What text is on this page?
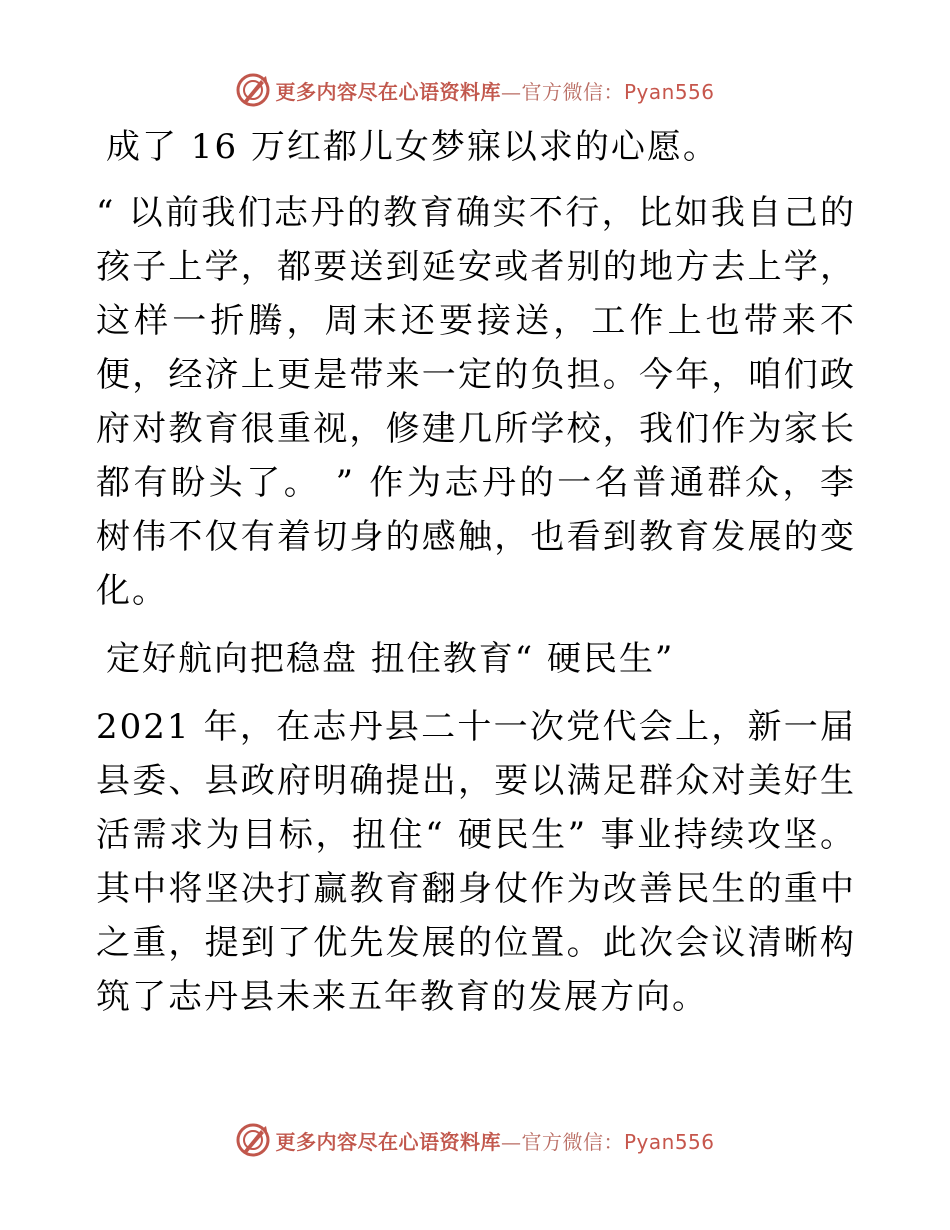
更多内容尽在心语资料库—官方微信：Pyan556

成了 16 万红都儿女梦寐以求的心愿。

“ 以前我们志丹的教育确实不行，比如我自己的孩子上学，都要送到延安或者别的地方去上学，这样一折腾，周末还要接送，工作上也带来不便，经济上更是带来一定的负担。今年，咱们政府对教育很重视，修建几所学校，我们作为家长都有盼头了。 ” 作为志丹的一名普通群众，李树伟不仅有着切身的感触，也看到教育发展的变化。

定好航向把稳盘 扭住教育“ 硬民生”

2021 年，在志丹县二十一次党代会上，新一届县委、县政府明确提出，要以满足群众对美好生活需求为目标，扭住“ 硬民生” 事业持续攻坚。其中将坚决打赢教育翻身仗作为改善民生的重中之重，提到了优先发展的位置。此次会议清晰构筑了志丹县未来五年教育的发展方向。

更多内容尽在心语资料库—官方微信：Pyan556
